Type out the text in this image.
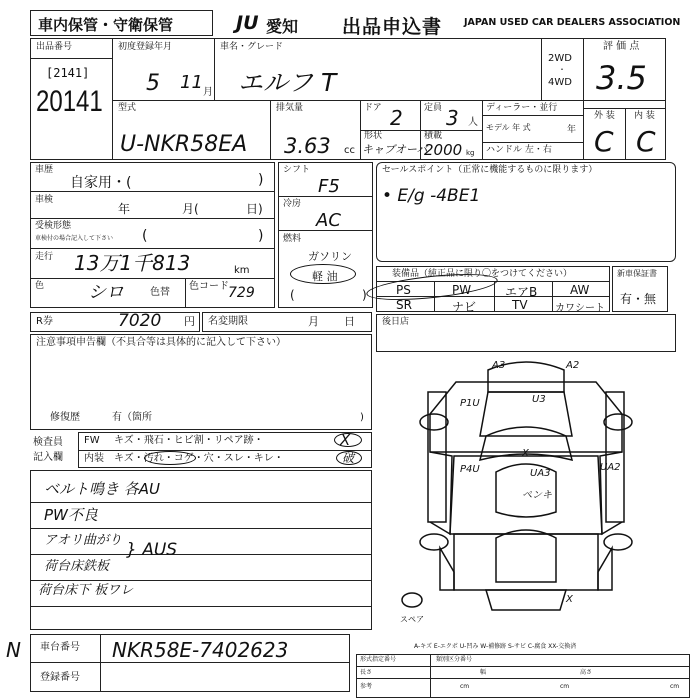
車内保管・守衛保管	JU 愛知 出品申込書 JAPAN USED CAR DEALERS ASSOCIATION
出品番号
[2141]
20141
初度登録年月
5 11 月
車名・グレード
エルフ T
2WD
・
4WD
評 価 点
3.5
型式
U-NKR58EA
排気量
3.63 cc
ドア 2 定員 3 人
形状
キャブオーバ
積載
2000 kg
ディーラー・並行
モデル 年 式	年
ハンドル 左・右
外 装 内 装
C C
車歴
自家用・(	)
車検
年	月(	日)
受検形態
車検付の場合記入して下さい (	)
走行 13万1千813	km
色 シロ	色替
色コード 729
シフト
F5
冷房
AC
燃料
ガソリン
軽 油
(	)
セールスポイント（正常に機能するものに限ります）
• E/g -4BE1
装備品（純正品に限り〇をつけてください）
PS	PW	エアB	AW
SR	ナビ	TV	カワシート
新車保証書
有・無
R券	7020 円 名変期限	月 日	後日店
注意事項申告欄（不具合等は具体的に記入して下さい）
修復歴	有（箇所	)
検査員
記入欄
FW キズ・飛石・ヒビ割・リペア跡・	X
内装 キズ・汚れ・コゲ・穴・スレ・キレ・	破
ベルト鳴き 各AU
PW不良
アオリ曲がり
荷台床鉄板
荷台床下 板ワレ
} AUS
A3	A2
P1U	U3
X
P4U	UA3
UA2
ペンキ
X
スペア
A-キズ E-エクボ U-凹み W-補修跡 S-サビ C-腐食 XX-交換済
形式指定番号	類別区分番号
長さ	幅	高さ
参考	cm	cm	cm
N 車台番号 NKR58E-7402623
登録番号
